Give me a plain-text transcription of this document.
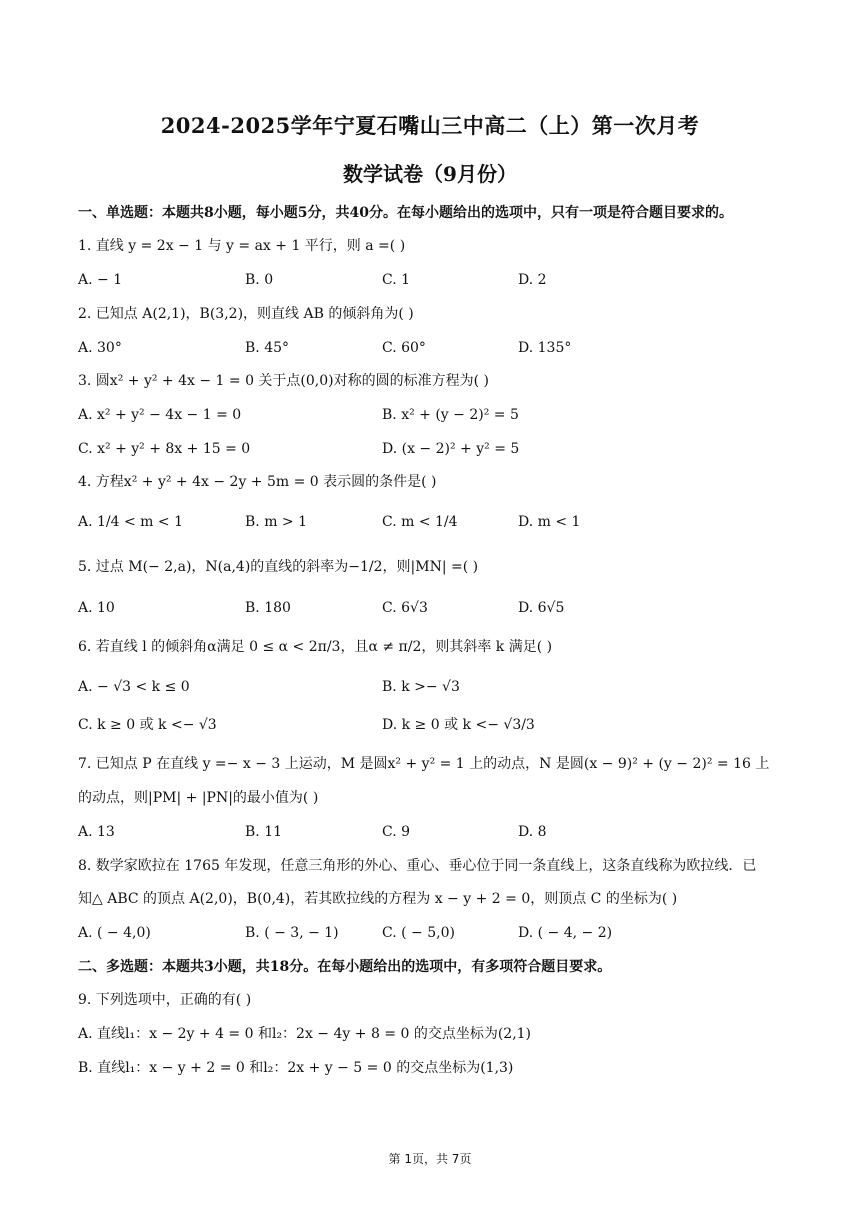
2024-2025学年宁夏石嘴山三中高二（上）第一次月考
数学试卷（9月份）
一、单选题：本题共8小题，每小题5分，共40分。在每小题给出的选项中，只有一项是符合题目要求的。
1. 直线 y = 2x − 1 与 y = ax + 1 平行，则 a =( )
A. − 1	B. 0	C. 1	D. 2
2. 已知点 A(2,1)，B(3,2)，则直线 AB 的倾斜角为( )
A. 30°	B. 45°	C. 60°	D. 135°
3. 圆x² + y² + 4x − 1 = 0 关于点(0,0)对称的圆的标准方程为( )
A. x² + y² − 4x − 1 = 0	B. x² + (y − 2)² = 5
C. x² + y² + 8x + 15 = 0	D. (x − 2)² + y² = 5
4. 方程x² + y² + 4x − 2y + 5m = 0 表示圆的条件是( )
A. 1/4 < m < 1	B. m > 1	C. m < 1/4	D. m < 1
5. 过点 M(− 2,a)，N(a,4)的直线的斜率为−1/2，则|MN| =( )
A. 10	B. 180	C. 6√3	D. 6√5
6. 若直线 l 的倾斜角α满足 0 ≤ α < 2π/3，且α ≠ π/2，则其斜率 k 满足( )
A. − √3 < k ≤ 0	B. k >− √3
C. k ≥ 0 或 k <− √3	D. k ≥ 0 或 k <− √3/3
7. 已知点 P 在直线 y =− x − 3 上运动，M 是圆x² + y² = 1 上的动点，N 是圆(x − 9)² + (y − 2)² = 16 上
的动点，则|PM| + |PN|的最小值为( )
A. 13	B. 11	C. 9	D. 8
8. 数学家欧拉在 1765 年发现，任意三角形的外心、重心、垂心位于同一条直线上，这条直线称为欧拉线．已
知△ ABC 的顶点 A(2,0)，B(0,4)，若其欧拉线的方程为 x − y + 2 = 0，则顶点 C 的坐标为( )
A. ( − 4,0)	B. ( − 3, − 1)	C. ( − 5,0)	D. ( − 4, − 2)
二、多选题：本题共3小题，共18分。在每小题给出的选项中，有多项符合题目要求。
9. 下列选项中，正确的有( )
A. 直线l₁：x − 2y + 4 = 0 和l₂：2x − 4y + 8 = 0 的交点坐标为(2,1)
B. 直线l₁：x − y + 2 = 0 和l₂：2x + y − 5 = 0 的交点坐标为(1,3)
第 1页，共 7页
